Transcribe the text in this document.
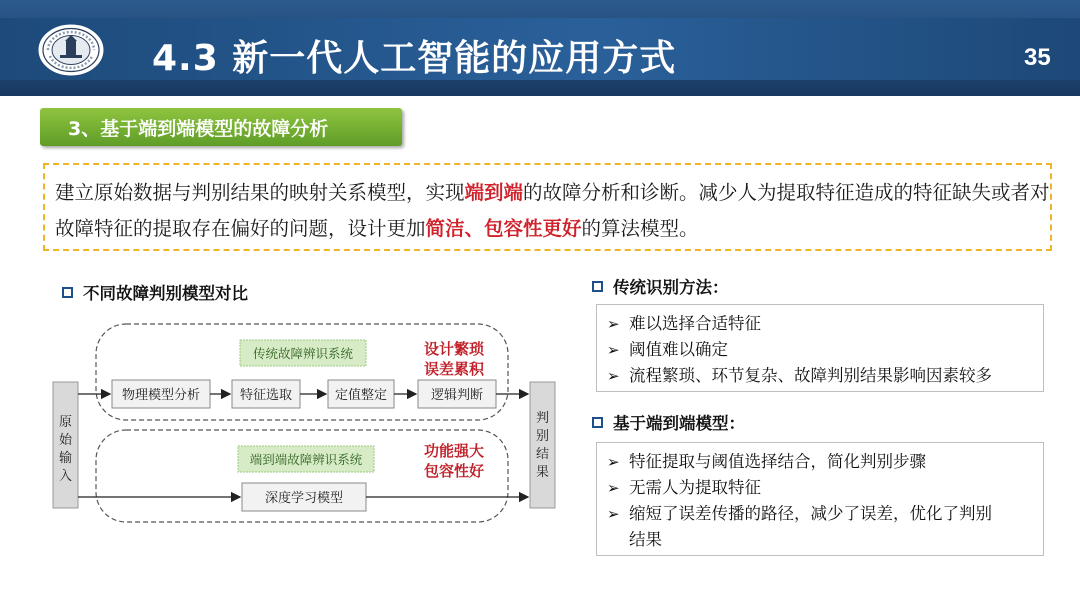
4.3 新一代人工智能的应用方式	35
3、基于端到端模型的故障分析
建立原始数据与判别结果的映射关系模型，实现端到端的故障分析和诊断。减少人为提取特征造成的特征缺失或者对故障特征的提取存在偏好的问题，设计更加简洁、包容性更好的算法模型。
不同故障判别模型对比
原
始
输
入
判
别
结
果
传统故障辨识系统	设计繁琐
误差累积
物理模型分析	特征选取	定值整定	逻辑判断
端到端故障辨识系统	功能强大
包容性好
深度学习模型
传统识别方法：
➢ 难以选择合适特征
➢ 阈值难以确定
➢ 流程繁琐、环节复杂、故障判别结果影响因素较多
基于端到端模型：
➢ 特征提取与阈值选择结合，简化判别步骤
➢ 无需人为提取特征
➢ 缩短了误差传播的路径，减少了误差，优化了判别
结果
